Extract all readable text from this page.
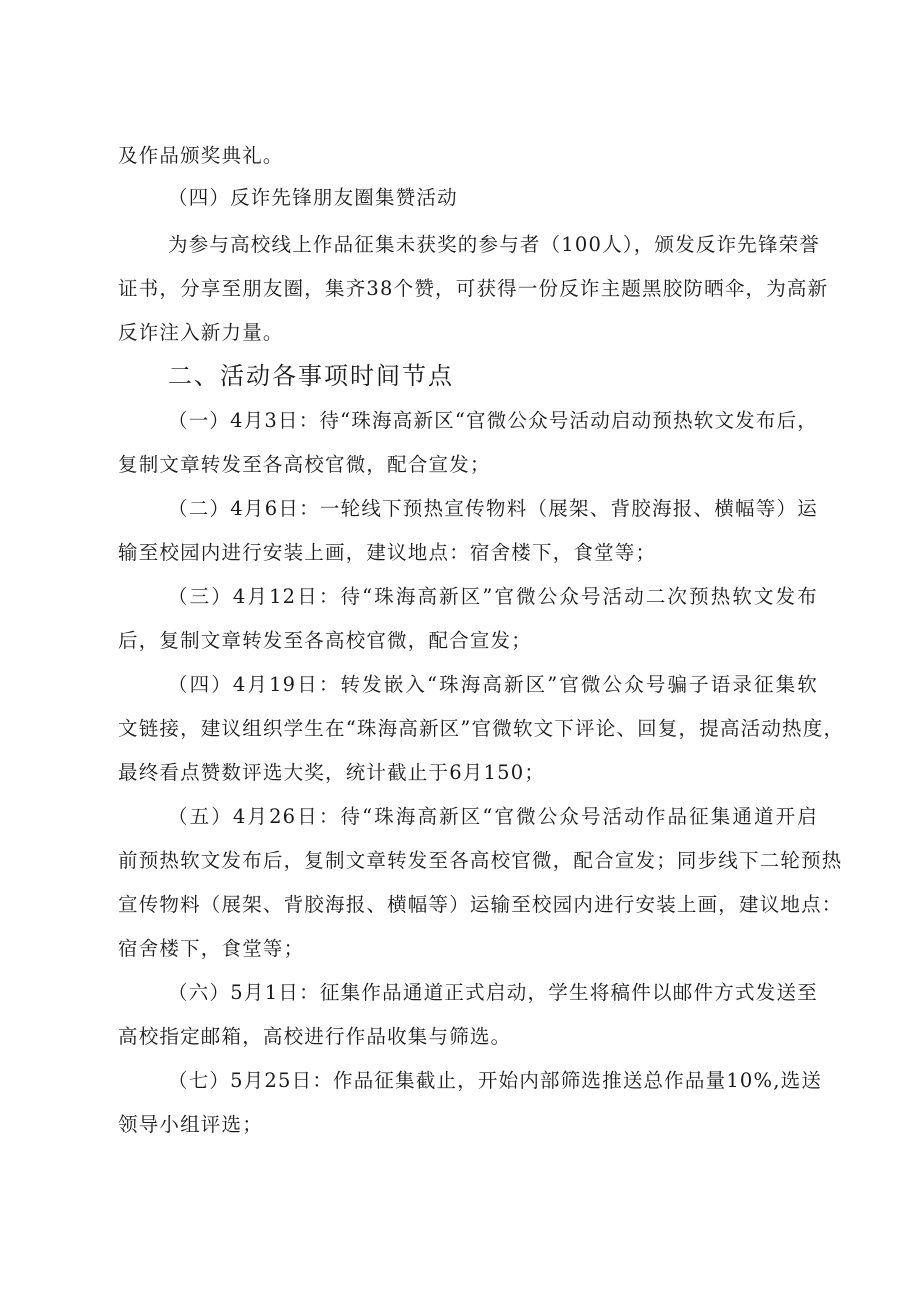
及作品颁奖典礼。
（四）反诈先锋朋友圈集赞活动
为参与高校线上作品征集未获奖的参与者（100人），颁发反诈先锋荣誉
证书，分享至朋友圈，集齐38个赞，可获得一份反诈主题黑胶防晒伞，为高新
反诈注入新力量。
二、活动各事项时间节点
（一）4月3日：待“珠海高新区“官微公众号活动启动预热软文发布后，
复制文章转发至各高校官微，配合宣发；
（二）4月6日：一轮线下预热宣传物料（展架、背胶海报、横幅等）运
输至校园内进行安装上画，建议地点：宿舍楼下，食堂等；
（三）4月12日：待“珠海高新区”官微公众号活动二次预热软文发布
后，复制文章转发至各高校官微，配合宣发；
（四）4月19日：转发嵌入“珠海高新区”官微公众号骗子语录征集软
文链接，建议组织学生在“珠海高新区”官微软文下评论、回复，提高活动热度，
最终看点赞数评选大奖，统计截止于6月150；
（五）4月26日：待“珠海高新区“官微公众号活动作品征集通道开启
前预热软文发布后，复制文章转发至各高校官微，配合宣发；同步线下二轮预热
宣传物料（展架、背胶海报、横幅等）运输至校园内进行安装上画，建议地点：
宿舍楼下，食堂等；
（六）5月1日：征集作品通道正式启动，学生将稿件以邮件方式发送至
高校指定邮箱，高校进行作品收集与筛选。
（七）5月25日：作品征集截止，开始内部筛选推送总作品量10%,选送
领导小组评选；
